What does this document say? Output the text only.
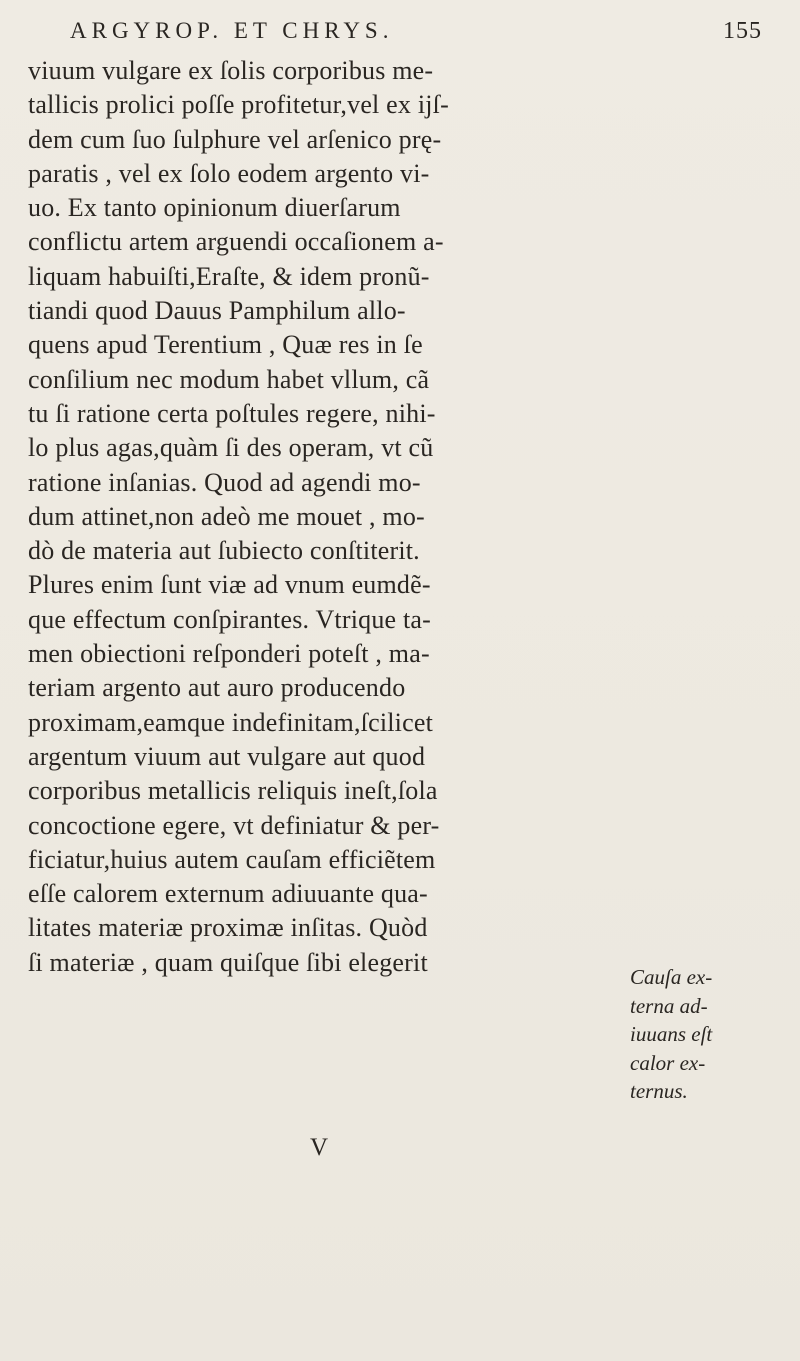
ARGYROP. ET CHRYS.	155
viuum vulgare ex ſolis corporibus me-
tallicis prolici poſſe profitetur,vel ex ijſ-
dem cum ſuo ſulphure vel arſenico prę-
paratis , vel ex ſolo eodem argento vi-
uo. Ex tanto opinionum diuerſarum
conflictu artem arguendi occaſionem a-
liquam habuiſti,Eraſte, & idem pronũ-
tiandi quod Dauus Pamphilum allo-
quens apud Terentium , Quæ res in ſe
conſilium nec modum habet vllum, cã
tu ſi ratione certa poſtules regere, nihi-
lo plus agas,quàm ſi des operam, vt cũ
ratione inſanias. Quod ad agendi mo-
dum attinet,non adeò me mouet , mo-
dò de materia aut ſubiecto conſtiterit.
Plures enim ſunt viæ ad vnum eumdẽ-
que effectum conſpirantes. Vtrique ta-
men obiectioni reſponderi poteſt , ma-
teriam argento aut auro producendo
proximam,eamque indefinitam,ſcilicet
argentum viuum aut vulgare aut quod
corporibus metallicis reliquis ineſt,ſola
concoctione egere, vt definiatur & per-
ficiatur,huius autem cauſam efficiẽtem
eſſe calorem externum adiuuante qua-
litates materiæ proximæ inſitas. Quòd
ſi materiæ , quam quiſque ſibi elegerit
Cauſa ex-
terna ad-
iuuans eſt
calor ex-
ternus.
V
